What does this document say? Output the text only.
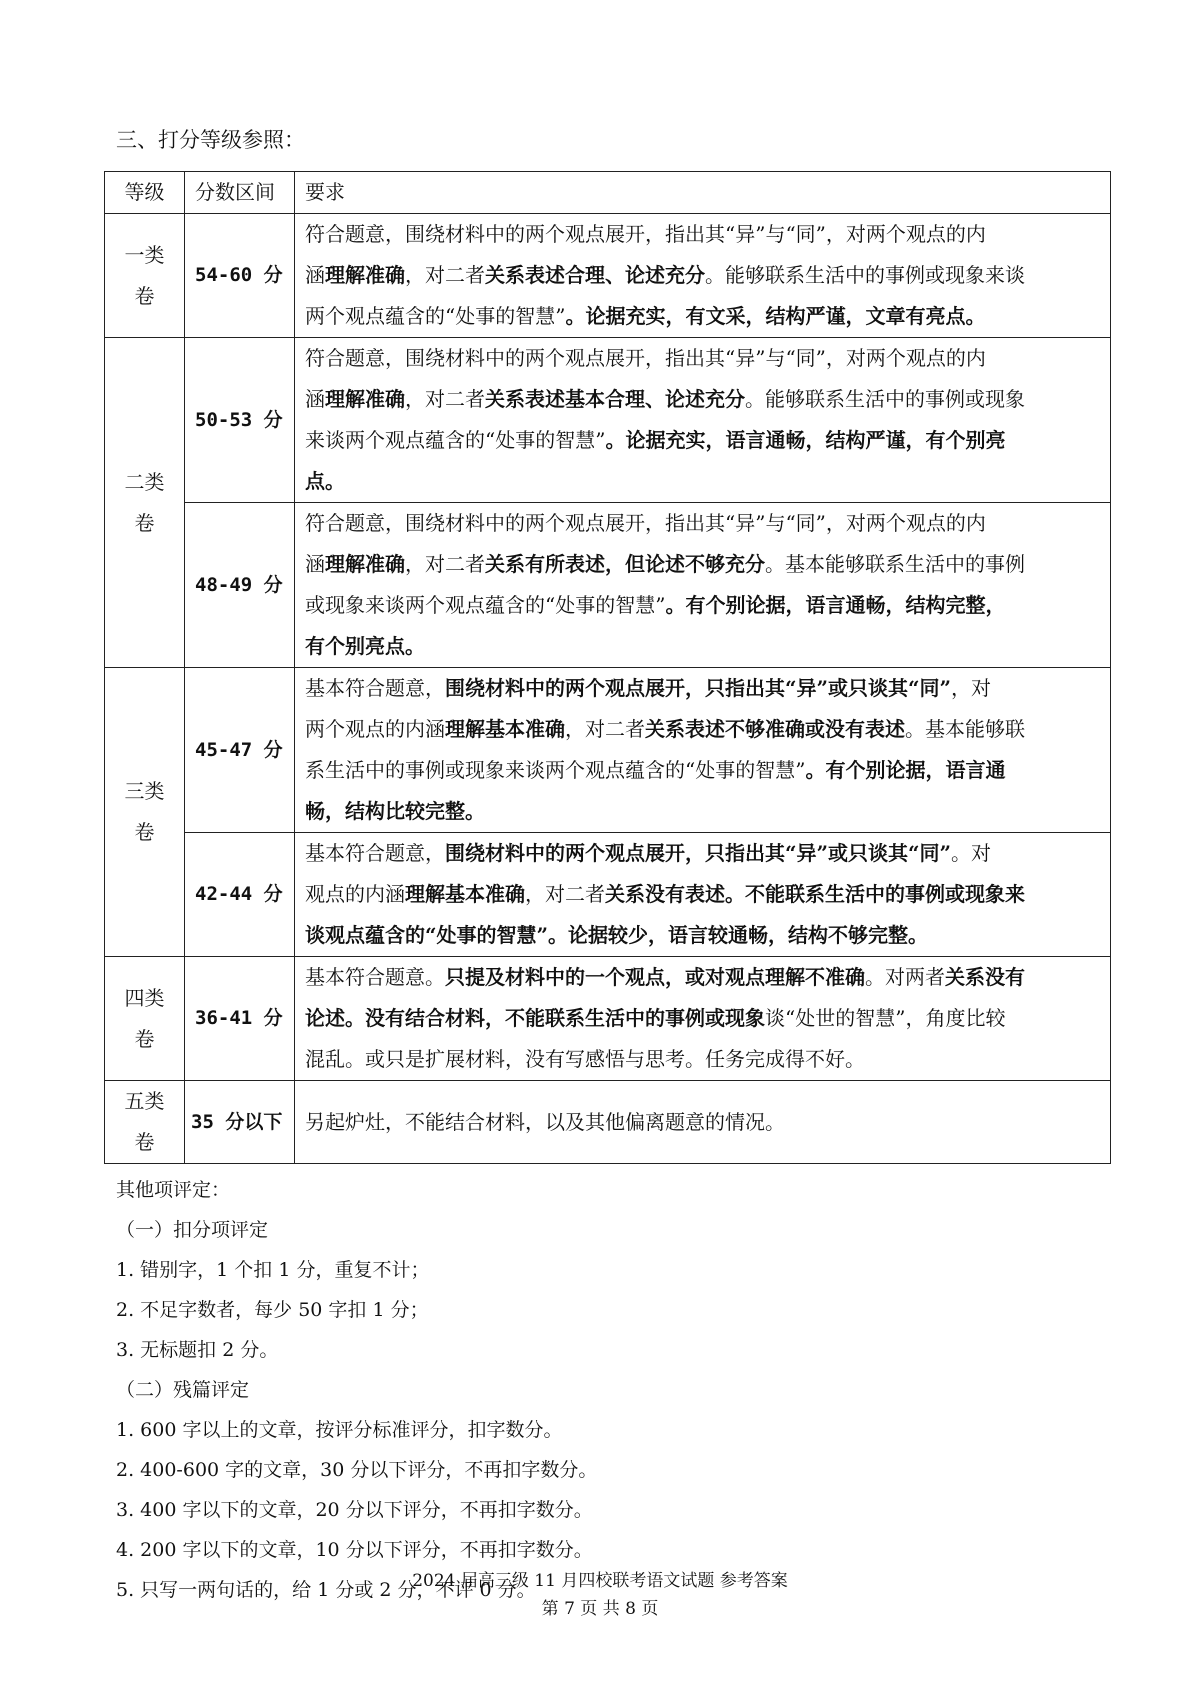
三、打分等级参照：
等级	分数区间	要求
一类卷	54-60 分	符合题意，围绕材料中的两个观点展开，指出其“异”与“同”，对两个观点的内
涵理解准确，对二者关系表述合理、论述充分。能够联系生活中的事例或现象来谈
两个观点蕴含的“处事的智慧”。论据充实，有文采，结构严谨，文章有亮点。

二类卷	50-53 分	符合题意，围绕材料中的两个观点展开，指出其“异”与“同”，对两个观点的内
涵理解准确，对二者关系表述基本合理、论述充分。能够联系生活中的事例或现象
来谈两个观点蕴含的“处事的智慧”。论据充实，语言通畅，结构严谨，有个别亮
点。

	48-49 分	符合题意，围绕材料中的两个观点展开，指出其“异”与“同”，对两个观点的内
涵理解准确，对二者关系有所表述，但论述不够充分。基本能够联系生活中的事例
或现象来谈两个观点蕴含的“处事的智慧”。有个别论据，语言通畅，结构完整，
有个别亮点。

三类卷	45-47 分	基本符合题意，围绕材料中的两个观点展开，只指出其“异”或只谈其“同”，对
两个观点的内涵理解基本准确，对二者关系表述不够准确或没有表述。基本能够联
系生活中的事例或现象来谈两个观点蕴含的“处事的智慧”。有个别论据，语言通
畅，结构比较完整。

	42-44 分	基本符合题意，围绕材料中的两个观点展开，只指出其“异”或只谈其“同”。对
观点的内涵理解基本准确，对二者关系没有表述。不能联系生活中的事例或现象来
谈观点蕴含的“处事的智慧”。论据较少，语言较通畅，结构不够完整。

四类卷	36-41 分	基本符合题意。只提及材料中的一个观点，或对观点理解不准确。对两者关系没有
论述。没有结合材料，不能联系生活中的事例或现象谈“处世的智慧”，角度比较
混乱。或只是扩展材料，没有写感悟与思考。任务完成得不好。

五类卷	35 分以下	另起炉灶，不能结合材料，以及其他偏离题意的情况。
其他项评定：
（一）扣分项评定
1. 错别字，1 个扣 1 分，重复不计；
2. 不足字数者，每少 50 字扣 1 分；
3. 无标题扣 2 分。
（二）残篇评定
1. 600 字以上的文章，按评分标准评分，扣字数分。
2. 400-600 字的文章，30 分以下评分，不再扣字数分。
3. 400 字以下的文章，20 分以下评分，不再扣字数分。
4. 200 字以下的文章，10 分以下评分，不再扣字数分。
5. 只写一两句话的，给 1 分或 2 分，不评 0 分。
2024 届高三级 11 月四校联考语文试题 参考答案
第 7 页 共 8 页
